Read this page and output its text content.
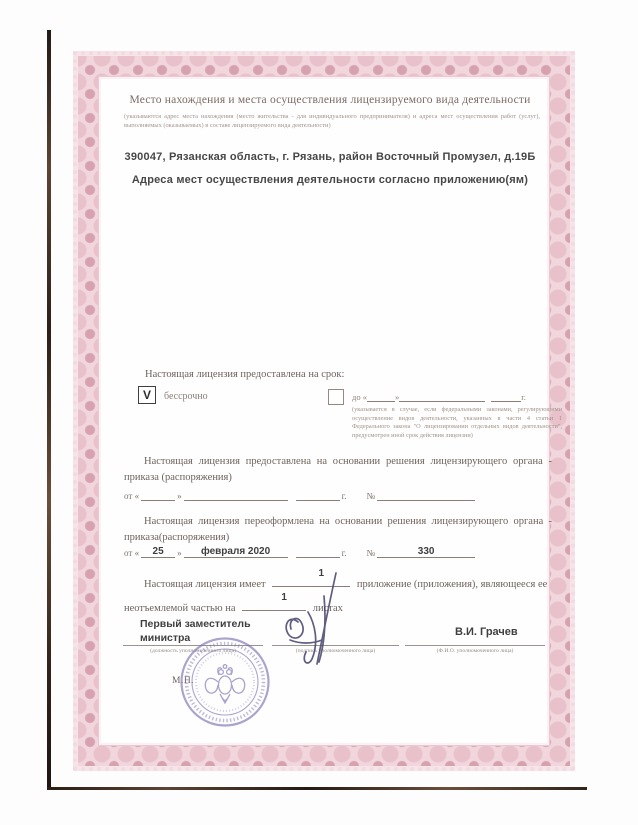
Место нахождения и места осуществления лицензируемого вида деятельности
(указываются адрес места нахождения (место жительства - для индивидуального предпринимателя) и адреса мест осуществления работ (услуг), выполняемых (оказываемых) в составе лицензируемого вида деятельности)
390047, Рязанская область, г. Рязань, район Восточный Промузел, д.19Б
Адреса мест осуществления деятельности согласно приложению(ям)
Настоящая лицензия предоставлена на срок:
V бессрочно	до «	»	г.
(указывается в случае, если федеральными законами, регулирующими осуществление видов деятельности, указанных в части 4 статьи 1 Федерального закона "О лицензировании отдельных видов деятельности", предусмотрен иной срок действия лицензии)
Настоящая лицензия предоставлена на основании решения лицензирующего органа - приказа (распоряжения)
от «	»	г. №
Настоящая лицензия переоформлена на основании решения лицензирующего органа - приказа(распоряжения)
от «	25	»	февраля 2020	г. №	330
Настоящая лицензия имеет
1
приложение (приложения), являющееся ее
неотъемлемой частью на
1
листах
Первый заместитель
министра	В.И. Грачев
(должность уполномоченного лица)	(подпись уполномоченного лица)	(Ф.И.О. уполномоченного лица)
М.П.
